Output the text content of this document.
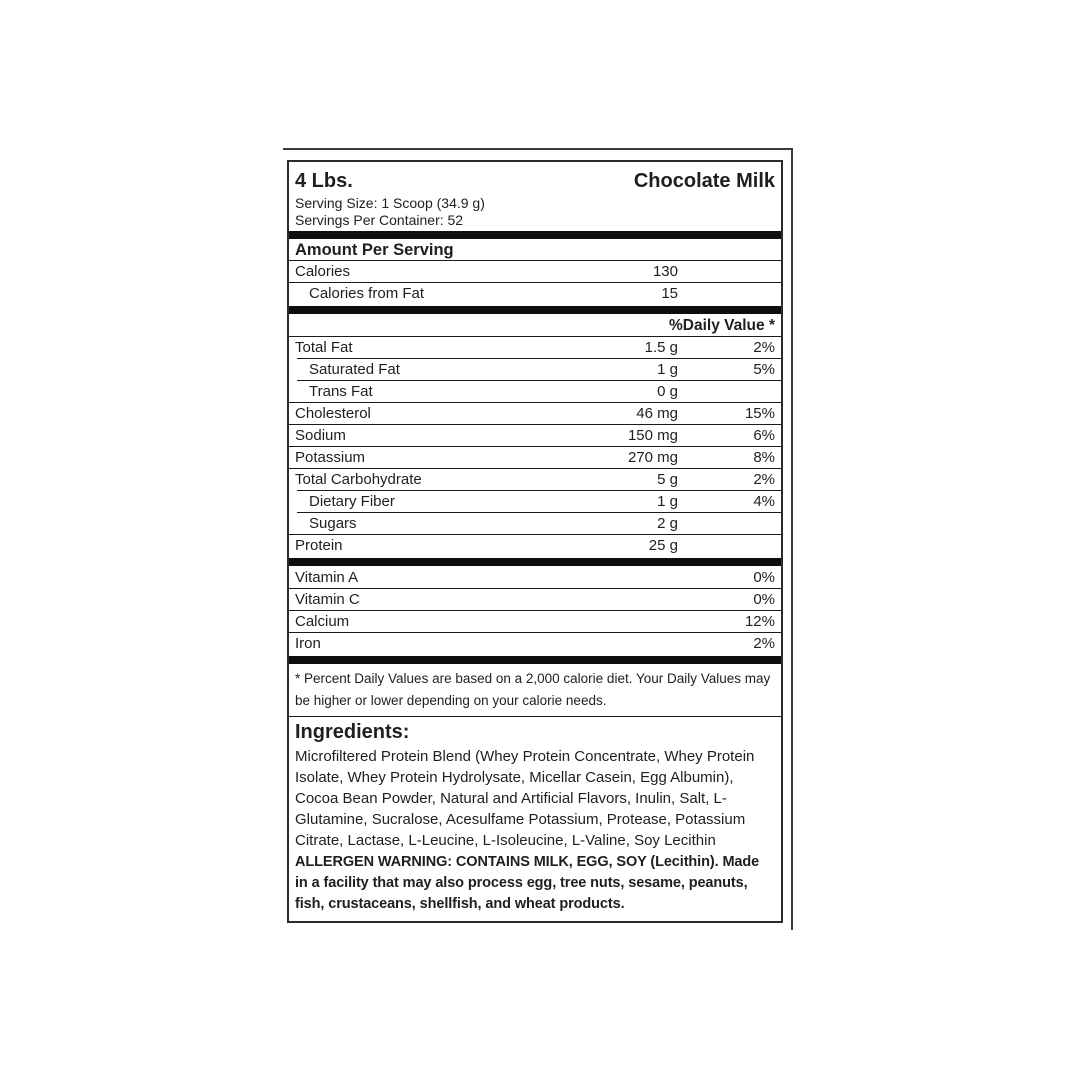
4 Lbs.	Chocolate Milk
Serving Size: 1 Scoop (34.9 g)
Servings Per Container: 52
Amount Per Serving
Calories	130
Calories from Fat	15
%Daily Value *
Total Fat	1.5 g	2%
Saturated Fat	1 g	5%
Trans Fat	0 g
Cholesterol	46 mg	15%
Sodium	150 mg	6%
Potassium	270 mg	8%
Total Carbohydrate	5 g	2%
Dietary Fiber	1 g	4%
Sugars	2 g
Protein	25 g
Vitamin A	0%
Vitamin C	0%
Calcium	12%
Iron	2%
* Percent Daily Values are based on a 2,000 calorie diet. Your Daily Values may be higher or lower depending on your calorie needs.
Ingredients:
Microfiltered Protein Blend (Whey Protein Concentrate, Whey Protein Isolate, Whey Protein Hydrolysate, Micellar Casein, Egg Albumin), Cocoa Bean Powder, Natural and Artificial Flavors, Inulin, Salt, L-Glutamine, Sucralose, Acesulfame Potassium, Protease, Potassium Citrate, Lactase, L-Leucine, L-Isoleucine, L-Valine, Soy Lecithin
ALLERGEN WARNING: CONTAINS MILK, EGG, SOY (Lecithin). Made in a facility that may also process egg, tree nuts, sesame, peanuts, fish, crustaceans, shellfish, and wheat products.
